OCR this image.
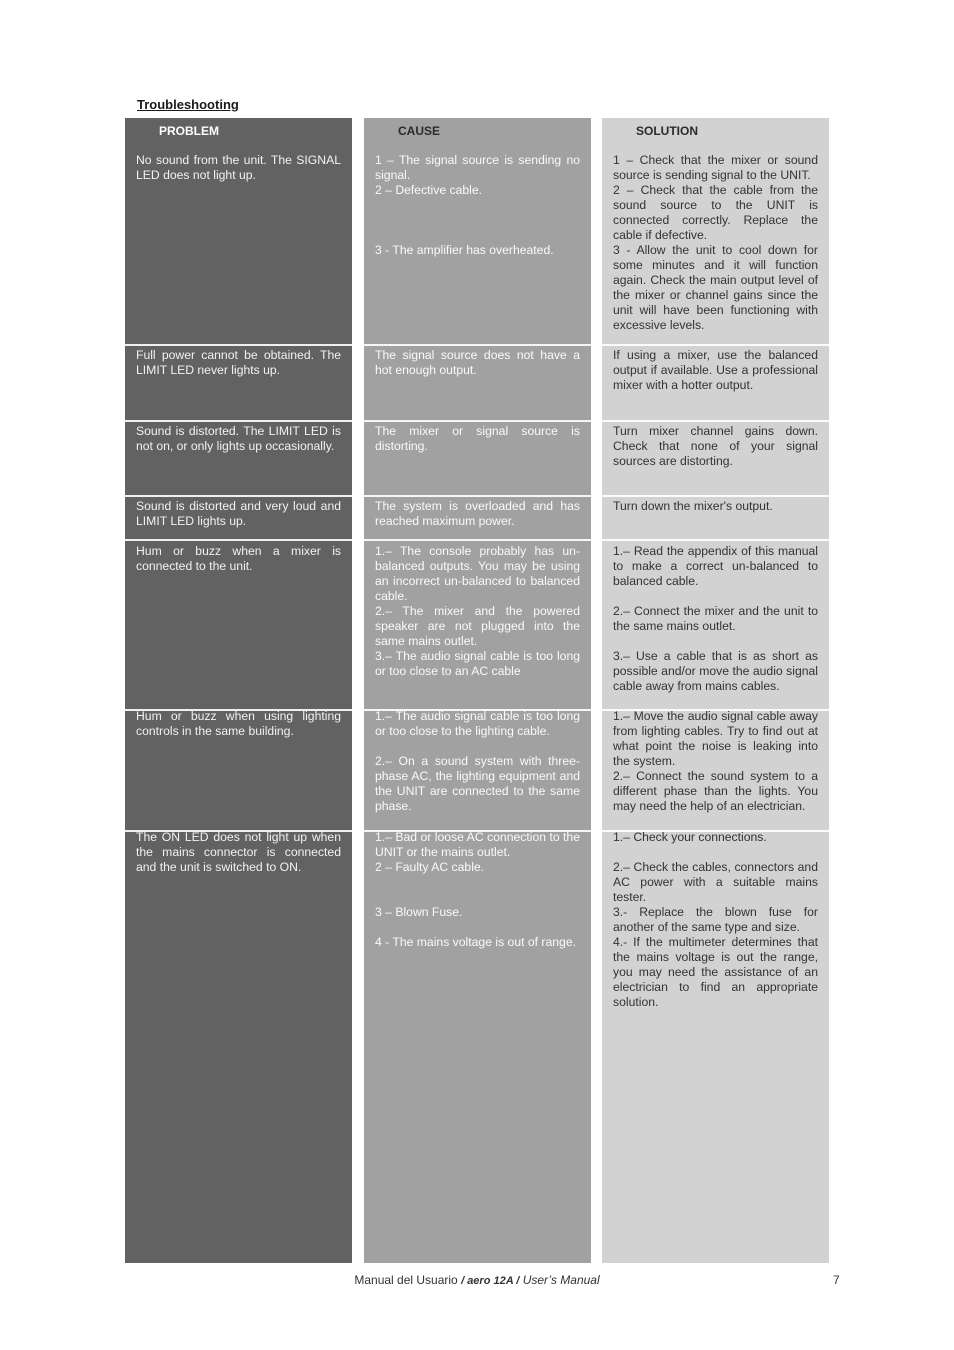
Troubleshooting
PROBLEM
No sound from the unit. The SIGNAL LED does not light up.
Full power cannot be obtained. The LIMIT LED never lights up.
Sound is distorted. The LIMIT LED is not on, or only lights up occasionally.
Sound is distorted and very loud and LIMIT LED lights up.
Hum or buzz when a mixer is connected to the unit.
Hum or buzz when using lighting controls in the same building.
The ON LED does not light up when the mains connector is connected and the unit is switched to ON.
CAUSE
1 – The signal source is sending no signal.
2 – Defective cable.

3 - The amplifier has overheated.
The signal source does not have a hot enough output.
The mixer or signal source is distorting.
The system is overloaded and has reached maximum power.
1.– The console probably has un-balanced outputs. You may be using an incorrect un-balanced to balanced cable.
2.– The mixer and the powered speaker are not plugged into the same mains outlet.
3.– The audio signal cable is too long or too close to an AC cable
1.– The audio signal cable is too long or too close to the lighting cable.

2.– On a sound system with three-phase AC, the lighting equipment and the UNIT are connected to the same phase.
1.– Bad or loose AC connection to the UNIT or the mains outlet.
2 – Faulty AC cable.

3 – Blown Fuse.

4 - The mains voltage is out of range.
SOLUTION
1 – Check that the mixer or sound source is sending signal to the UNIT.
2 – Check that the cable from the sound source to the UNIT is connected correctly. Replace the cable if defective.
3 - Allow the unit to cool down for some minutes and it will function again. Check the main output level of the mixer or channel gains since the unit will have been functioning with excessive levels.
If using a mixer, use the balanced output if available. Use a professional mixer with a hotter output.
Turn mixer channel gains down. Check that none of your signal sources are distorting.
Turn down the mixer's output.
1.– Read the appendix of this manual to make a correct un-balanced to balanced cable.

2.– Connect the mixer and the unit to the same mains outlet.

3.– Use a cable that is as short as possible and/or move the audio signal cable away from mains cables.
1.– Move the audio signal cable away from lighting cables. Try to find out at what point the noise is leaking into the system.
2.– Connect the sound system to a different phase than the lights. You may need the help of an electrician.
1.– Check your connections.

2.– Check the cables, connectors and AC power with a suitable mains tester.
3.- Replace the blown fuse for another of the same type and size.
4.- If the multimeter determines that the mains voltage is out the range, you may need the assistance of an electrician to find an appropriate solution.
Manual del Usuario / aero 12A / User’s Manual	7
